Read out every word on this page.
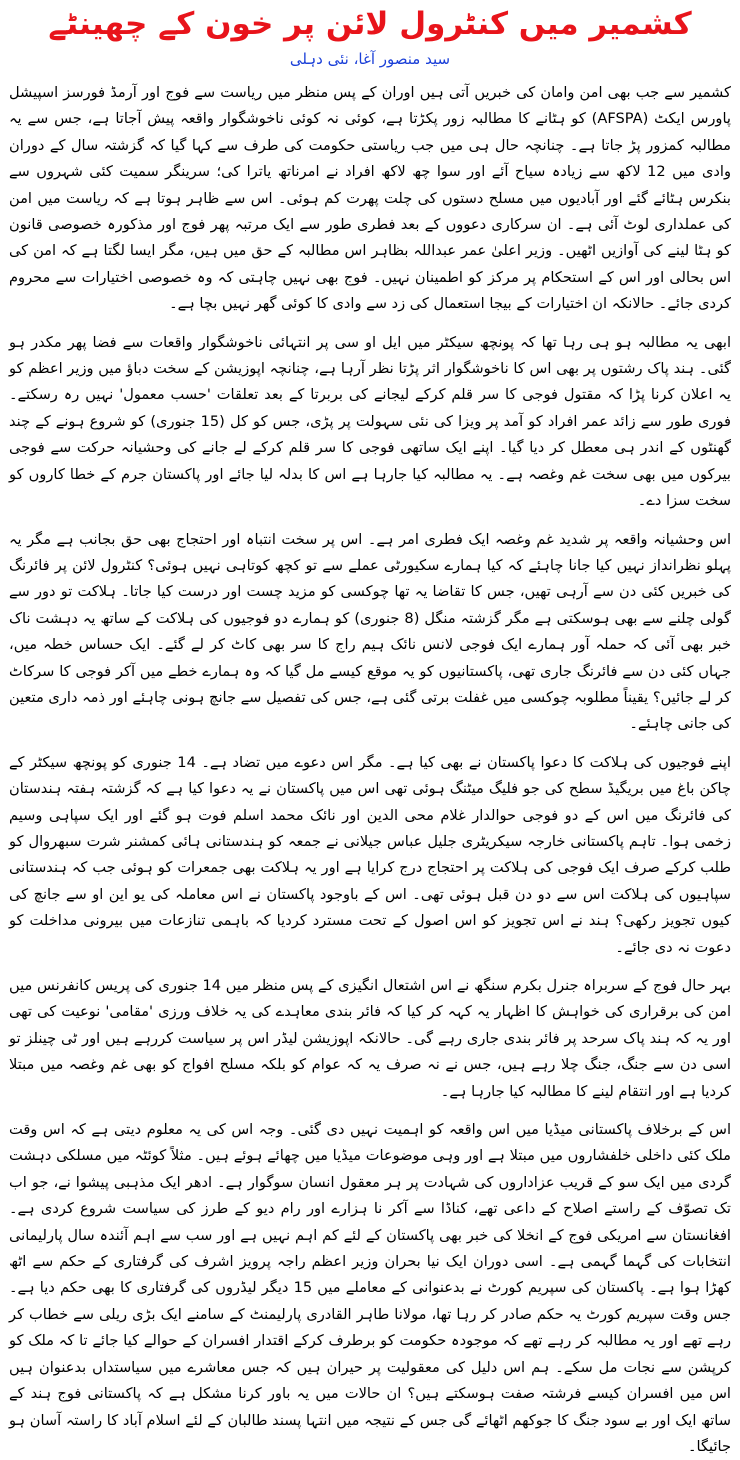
کشمیر میں کنٹرول لائن پر خون کے چھینٹے
سید منصور آغا، نئی دہلی

کشمیر سے جب بھی امن وامان کی خبریں آتی ہیں اوران کے پس منظر میں ریاست سے فوج اور آرمڈ فورسز اسپیشل پاورس ایکٹ (AFSPA) کو ہٹانے کا مطالبہ زور پکڑتا ہے، کوئی نہ کوئی ناخوشگوار واقعہ پیش آجاتا ہے، جس سے یہ مطالبہ کمزور پڑ جاتا ہے۔ چنانچہ حال ہی میں جب ریاستی حکومت کی طرف سے کہا گیا کہ گزشتہ سال کے دوران وادی میں 12 لاکھ سے زیادہ سیاح آئے اور سوا چھ لاکھ افراد نے امرناتھ یاترا کی؛ سرینگر سمیت کئی شہروں سے بنکرس ہٹائے گئے اور آبادیوں میں مسلح دستوں کی چلت پھرت کم ہوئی۔ اس سے ظاہر ہوتا ہے کہ ریاست میں امن کی عملداری لوٹ آئی ہے۔ ان سرکاری دعووں کے بعد فطری طور سے ایک مرتبہ پھر فوج اور مذکورہ خصوصی قانون کو ہٹا لینے کی آوازیں اٹھیں۔ وزیر اعلیٰ عمر عبداللہ بظاہر اس مطالبہ کے حق میں ہیں، مگر ایسا لگتا ہے کہ امن کی اس بحالی اور اس کے استحکام پر مرکز کو اطمینان نہیں۔ فوج بھی نہیں چاہتی کہ وہ خصوصی اختیارات سے محروم کردی جائے۔ حالانکہ ان اختیارات کے بیجا استعمال کی زد سے وادی کا کوئی گھر نہیں بچا ہے۔

ابھی یہ مطالبہ ہو ہی رہا تھا کہ پونچھ سیکٹر میں ایل او سی پر انتہائی ناخوشگوار واقعات سے فضا پھر مکدر ہو گئی۔ ہند پاک رشتوں پر بھی اس کا ناخوشگوار اثر پڑتا نظر آرہا ہے، چنانچہ اپوزیشن کے سخت دباؤ میں وزیر اعظم کو یہ اعلان کرنا پڑا کہ مقتول فوجی کا سر قلم کرکے لیجانے کی بربرتا کے بعد تعلقات 'حسب معمول' نہیں رہ رسکتے۔ فوری طور سے زائد عمر افراد کو آمد پر ویزا کی نئی سہولت پر پڑی، جس کو کل (15 جنوری) کو شروع ہونے کے چند گھنٹوں کے اندر ہی معطل کر دیا گیا۔ اپنے ایک ساتھی فوجی کا سر قلم کرکے لے جانے کی وحشیانہ حرکت سے فوجی بیرکوں میں بھی سخت غم وغصہ ہے۔ یہ مطالبہ کیا جارہا ہے اس کا بدلہ لیا جائے اور پاکستان جرم کے خطا کاروں کو سخت سزا دے۔

اس وحشیانہ واقعہ پر شدید غم وغصہ ایک فطری امر ہے۔ اس پر سخت انتباہ اور احتجاج بھی حق بجانب ہے مگر یہ پہلو نظرانداز نہیں کیا جانا چاہئے کہ کیا ہمارے سکیورٹی عملے سے تو کچھ کوتاہی نہیں ہوئی؟ کنٹرول لائن پر فائرنگ کی خبریں کئی دن سے آرہی تھیں، جس کا تقاضا یہ تھا چوکسی کو مزید چست اور درست کیا جاتا۔ ہلاکت تو دور سے گولی چلنے سے بھی ہوسکتی ہے مگر گزشتہ منگل (8 جنوری) کو ہمارے دو فوجیوں کی ہلاکت کے ساتھ یہ دہشت ناک خبر بھی آئی کہ حملہ آور ہمارے ایک فوجی لانس نائک ہیم راج کا سر بھی کاٹ کر لے گئے۔ ایک حساس خطہ میں، جہاں کئی دن سے فائرنگ جاری تھی، پاکستانیوں کو یہ موقع کیسے مل گیا کہ وہ ہمارے خطے میں آکر فوجی کا سرکاٹ کر لے جائیں؟ یقیناً مطلوبہ چوکسی میں غفلت برتی گئی ہے، جس کی تفصیل سے جانچ ہونی چاہئے اور ذمہ داری متعین کی جانی چاہئے۔

اپنے فوجیوں کی ہلاکت کا دعوا پاکستان نے بھی کیا ہے۔ مگر اس دعوے میں تضاد ہے۔ 14 جنوری کو پونچھ سیکٹر کے چاکن باغ میں بریگیڈ سطح کی جو فلیگ میٹنگ ہوئی تھی اس میں پاکستان نے یہ دعوا کیا ہے کہ گزشتہ ہفتہ ہندستان کی فائرنگ میں اس کے دو فوجی حوالدار غلام محی الدین اور نائک محمد اسلم فوت ہو گئے اور ایک سپاہی وسیم زخمی ہوا۔ تاہم پاکستانی خارجہ سیکریٹری جلیل عباس جیلانی نے جمعہ کو ہندستانی ہائی کمشنر شرت سبھروال کو طلب کرکے صرف ایک فوجی کی ہلاکت پر احتجاج درج کرایا ہے اور یہ ہلاکت بھی جمعرات کو ہوئی جب کہ ہندستانی سپاہیوں کی ہلاکت اس سے دو دن قبل ہوئی تھی۔ اس کے باوجود پاکستان نے اس معاملہ کی یو این او سے جانچ کی کیوں تجویز رکھی؟ ہند نے اس تجویز کو اس اصول کے تحت مسترد کردیا کہ باہمی تنازعات میں بیرونی مداخلت کو دعوت نہ دی جائے۔

بہر حال فوج کے سربراہ جنرل بکرم سنگھ نے اس اشتعال انگیزی کے پس منظر میں 14 جنوری کی پریس کانفرنس میں امن کی برقراری کی خواہش کا اظہار یہ کہہ کر کیا کہ فائر بندی معاہدے کی یہ خلاف ورزی 'مقامی' نوعیت کی تھی اور یہ کہ ہند پاک سرحد پر فائر بندی جاری رہے گی۔ حالانکہ اپوزیشن لیڈر اس پر سیاست کررہے ہیں اور ٹی چینلز تو اسی دن سے جنگ، جنگ چلا رہے ہیں، جس نے نہ صرف یہ کہ عوام کو بلکہ مسلح افواج کو بھی غم وغصہ میں مبتلا کردیا ہے اور انتقام لینے کا مطالبہ کیا جارہا ہے۔

اس کے برخلاف پاکستانی میڈیا میں اس واقعہ کو اہمیت نہیں دی گئی۔ وجہ اس کی یہ معلوم دیتی ہے کہ اس وقت ملک کئی داخلی خلفشاروں میں مبتلا ہے اور وہی موضوعات میڈیا میں چھائے ہوئے ہیں۔ مثلاً کوئٹہ میں مسلکی دہشت گردی میں ایک سو کے قریب عزاداروں کی شہادت پر ہر معقول انسان سوگوار ہے۔ ادھر ایک مذہبی پیشوا نے، جو اب تک تصوّف کے راستے اصلاح کے داعی تھے، کناڈا سے آکر نا ہزارے اور رام دیو کے طرز کی سیاست شروع کردی ہے۔ افغانستان سے امریکی فوج کے انخلا کی خبر بھی پاکستان کے لئے کم اہم نہیں ہے اور سب سے اہم آئندہ سال پارلیمانی انتخابات کی گہما گہمی ہے۔ اسی دوران ایک نیا بحران وزیر اعظم راجہ پرویز اشرف کی گرفتاری کے حکم سے اٹھ کھڑا ہوا ہے۔ پاکستان کی سپریم کورٹ نے بدعنوانی کے معاملے میں 15 دیگر لیڈروں کی گرفتاری کا بھی حکم دیا ہے۔ جس وقت سپریم کورٹ یہ حکم صادر کر رہا تھا، مولانا طاہر القادری پارلیمنٹ کے سامنے ایک بڑی ریلی سے خطاب کر رہے تھے اور یہ مطالبہ کر رہے تھے کہ موجودہ حکومت کو برطرف کرکے اقتدار افسران کے حوالے کیا جائے تا کہ ملک کو کرپشن سے نجات مل سکے۔ ہم اس دلیل کی معقولیت پر حیران ہیں کہ جس معاشرے میں سیاستداں بدعنوان ہیں اس میں افسران کیسے فرشتہ صفت ہوسکتے ہیں؟ ان حالات میں یہ باور کرنا مشکل ہے کہ پاکستانی فوج ہند کے ساتھ ایک اور بے سود جنگ کا جوکھم اٹھائے گی جس کے نتیجہ میں انتہا پسند طالبان کے لئے اسلام آباد کا راستہ آسان ہو جائیگا۔
